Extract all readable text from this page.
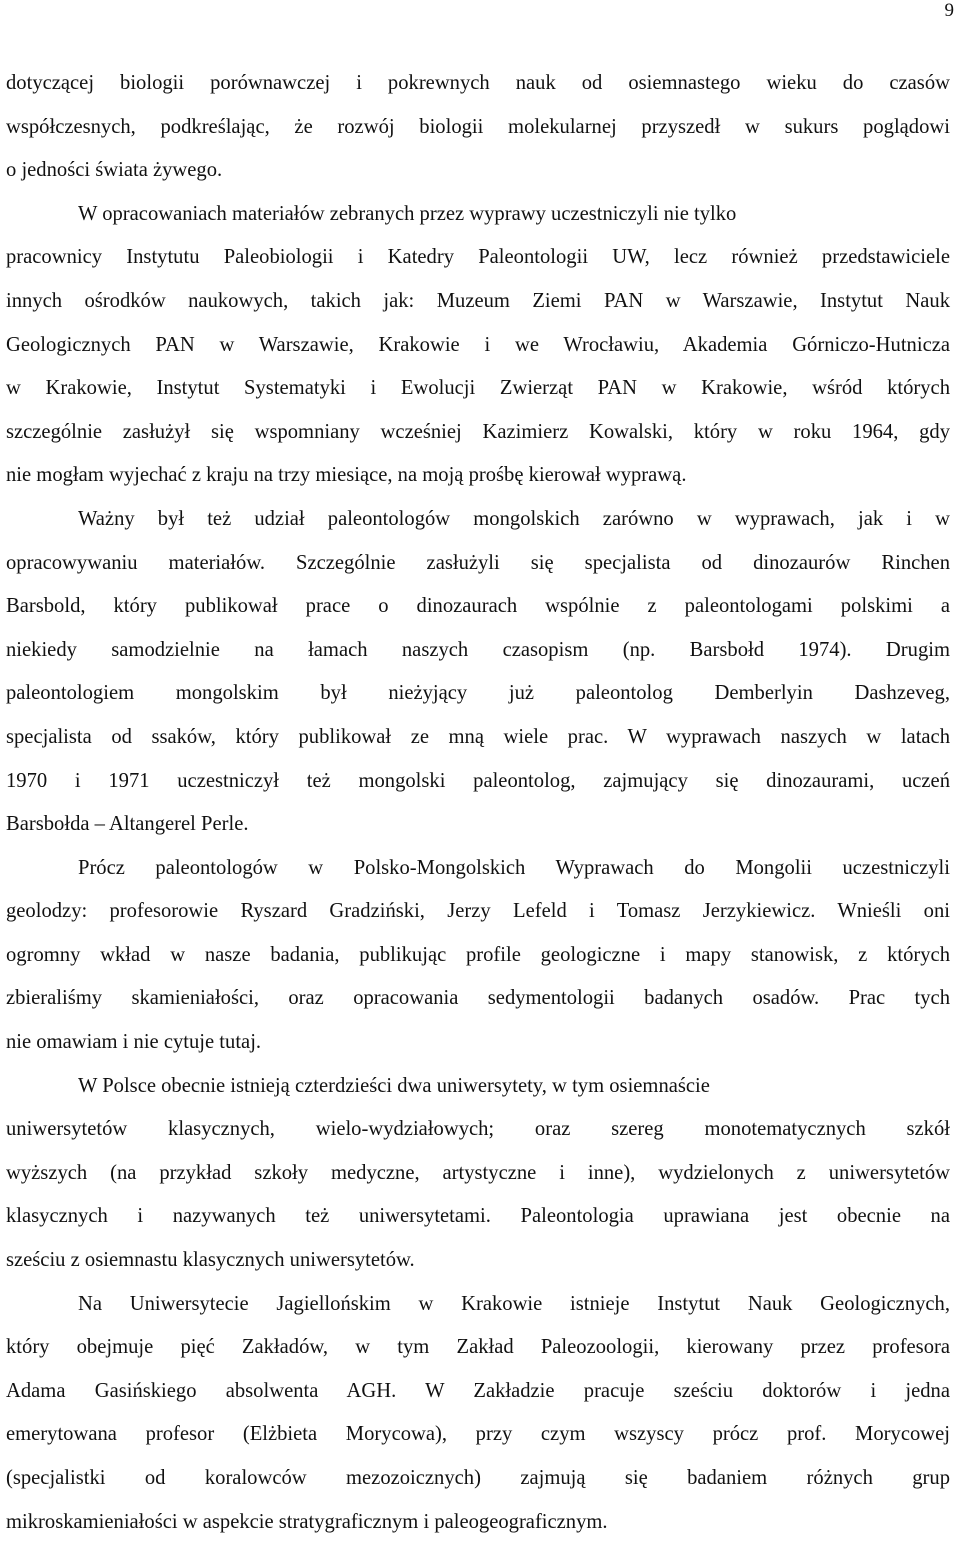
9
dotyczącej biologii porównawczej i pokrewnych nauk od osiemnastego wieku do czasów
współczesnych, podkreślając, że rozwój biologii molekularnej przyszedł w sukurs poglądowi
o jedności świata żywego.
W opracowaniach materiałów zebranych przez wyprawy uczestniczyli nie tylko
pracownicy Instytutu Paleobiologii i Katedry Paleontologii UW, lecz również przedstawiciele
innych ośrodków naukowych, takich jak: Muzeum Ziemi PAN w Warszawie, Instytut Nauk
Geologicznych PAN w Warszawie, Krakowie i we Wrocławiu, Akademia Górniczo-Hutnicza
w Krakowie, Instytut Systematyki i Ewolucji Zwierząt PAN w Krakowie, wśród których
szczególnie zasłużył się wspomniany wcześniej Kazimierz Kowalski, który w roku 1964, gdy
nie mogłam wyjechać z kraju na trzy miesiące, na moją prośbę kierował wyprawą.
Ważny był też udział paleontologów mongolskich zarówno w wyprawach, jak i w
opracowywaniu materiałów. Szczególnie zasłużyli się specjalista od dinozaurów Rinchen
Barsbold, który publikował prace o dinozaurach wspólnie z paleontologami polskimi a
niekiedy samodzielnie na łamach naszych czasopism (np. Barsbołd 1974). Drugim
paleontologiem mongolskim był nieżyjący już paleontolog Demberlyin Dashzeveg,
specjalista od ssaków, który publikował ze mną wiele prac. W wyprawach naszych w latach
1970 i 1971 uczestniczył też mongolski paleontolog, zajmujący się dinozaurami, uczeń
Barsbołda – Altangerel Perle.
Prócz paleontologów w Polsko-Mongolskich Wyprawach do Mongolii uczestniczyli
geolodzy: profesorowie Ryszard Gradziński, Jerzy Lefeld i Tomasz Jerzykiewicz. Wnieśli oni
ogromny wkład w nasze badania, publikując profile geologiczne i mapy stanowisk, z których
zbieraliśmy skamieniałości, oraz opracowania sedymentologii badanych osadów. Prac tych
nie omawiam i nie cytuje tutaj.
W Polsce obecnie istnieją czterdzieści dwa uniwersytety, w tym osiemnaście
uniwersytetów klasycznych, wielo-wydziałowych; oraz szereg monotematycznych szkół
wyższych (na przykład szkoły medyczne, artystyczne i inne), wydzielonych z uniwersytetów
klasycznych i nazywanych też uniwersytetami. Paleontologia uprawiana jest obecnie na
sześciu z osiemnastu klasycznych uniwersytetów.
Na Uniwersytecie Jagiellońskim w Krakowie istnieje Instytut Nauk Geologicznych,
który obejmuje pięć Zakładów, w tym Zakład Paleozoologii, kierowany przez profesora
Adama Gasińskiego absolwenta AGH. W Zakładzie pracuje sześciu doktorów i jedna
emerytowana profesor (Elżbieta Morycowa), przy czym wszyscy prócz prof. Morycowej
(specjalistki od koralowców mezozoicznych) zajmują się badaniem różnych grup
mikroskamieniałości w aspekcie stratygraficznym i paleogeograficznym.
